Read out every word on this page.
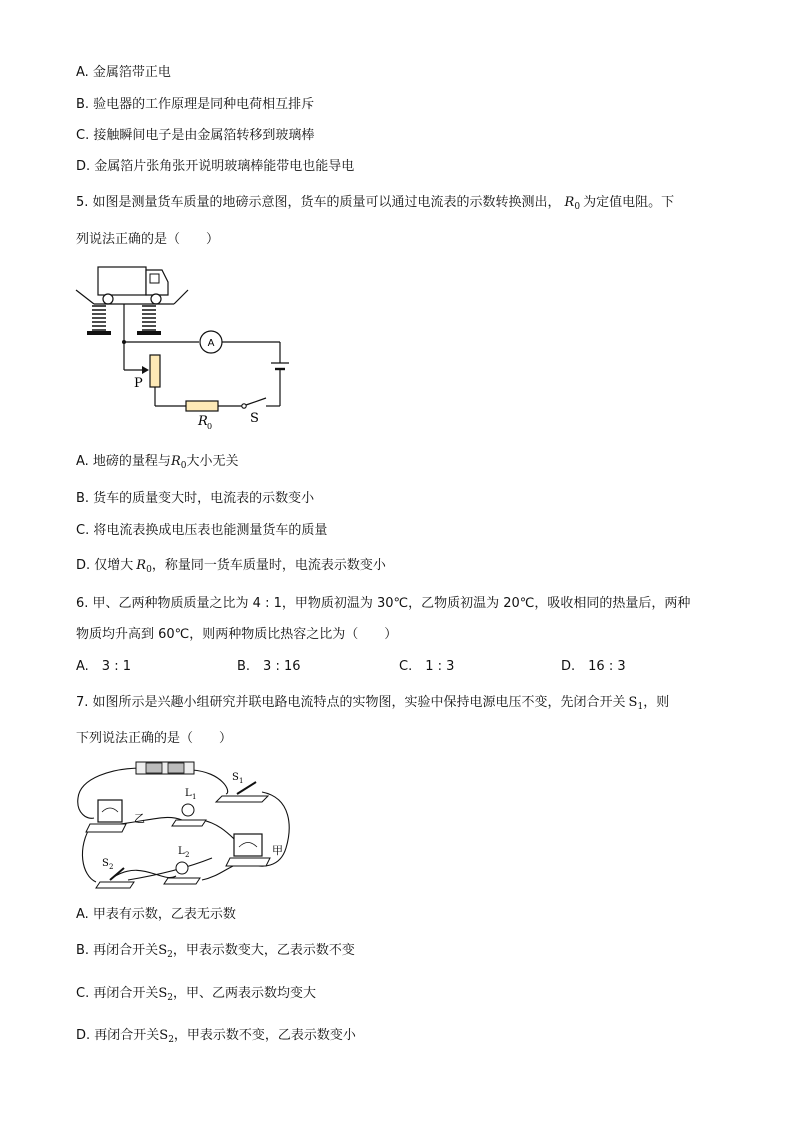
A. 金属箔带正电
B. 验电器的工作原理是同种电荷相互排斥
C. 接触瞬间电子是由金属箔转移到玻璃棒
D. 金属箔片张角张开说明玻璃棒能带电也能导电
5. 如图是测量货车质量的地磅示意图，货车的质量可以通过电流表的示数转换测出， $R_0$ 为定值电阻。下
列说法正确的是（　　）
A
P
R 0
S
A. 地磅的量程与$R_0$大小无关
B. 货车的质量变大时，电流表的示数变小
C. 将电流表换成电压表也能测量货车的质量
D. 仅增大 $R_0$，称量同一货车质量时，电流表示数变小
6. 甲、乙两种物质质量之比为 4 : 1，甲物质初温为 30℃，乙物质初温为 20℃，吸收相同的热量后，两种
物质均升高到 60℃，则两种物质比热容之比为（　　）
A.　3 : 1	B.　3 : 16	C.　1 : 3	D.　16 : 3
7. 如图所示是兴趣小组研究并联电路电流特点的实物图，实验中保持电源电压不变，先闭合开关 $S_1$，则
下列说法正确的是（　　）
S 1
乙
L 1
甲
L 2
S 2
A. 甲表有示数，乙表无示数
B. 再闭合开关$S_2$，甲表示数变大，乙表示数不变
C. 再闭合开关$S_2$，甲、乙两表示数均变大
D. 再闭合开关$S_2$，甲表示数不变，乙表示数变小
